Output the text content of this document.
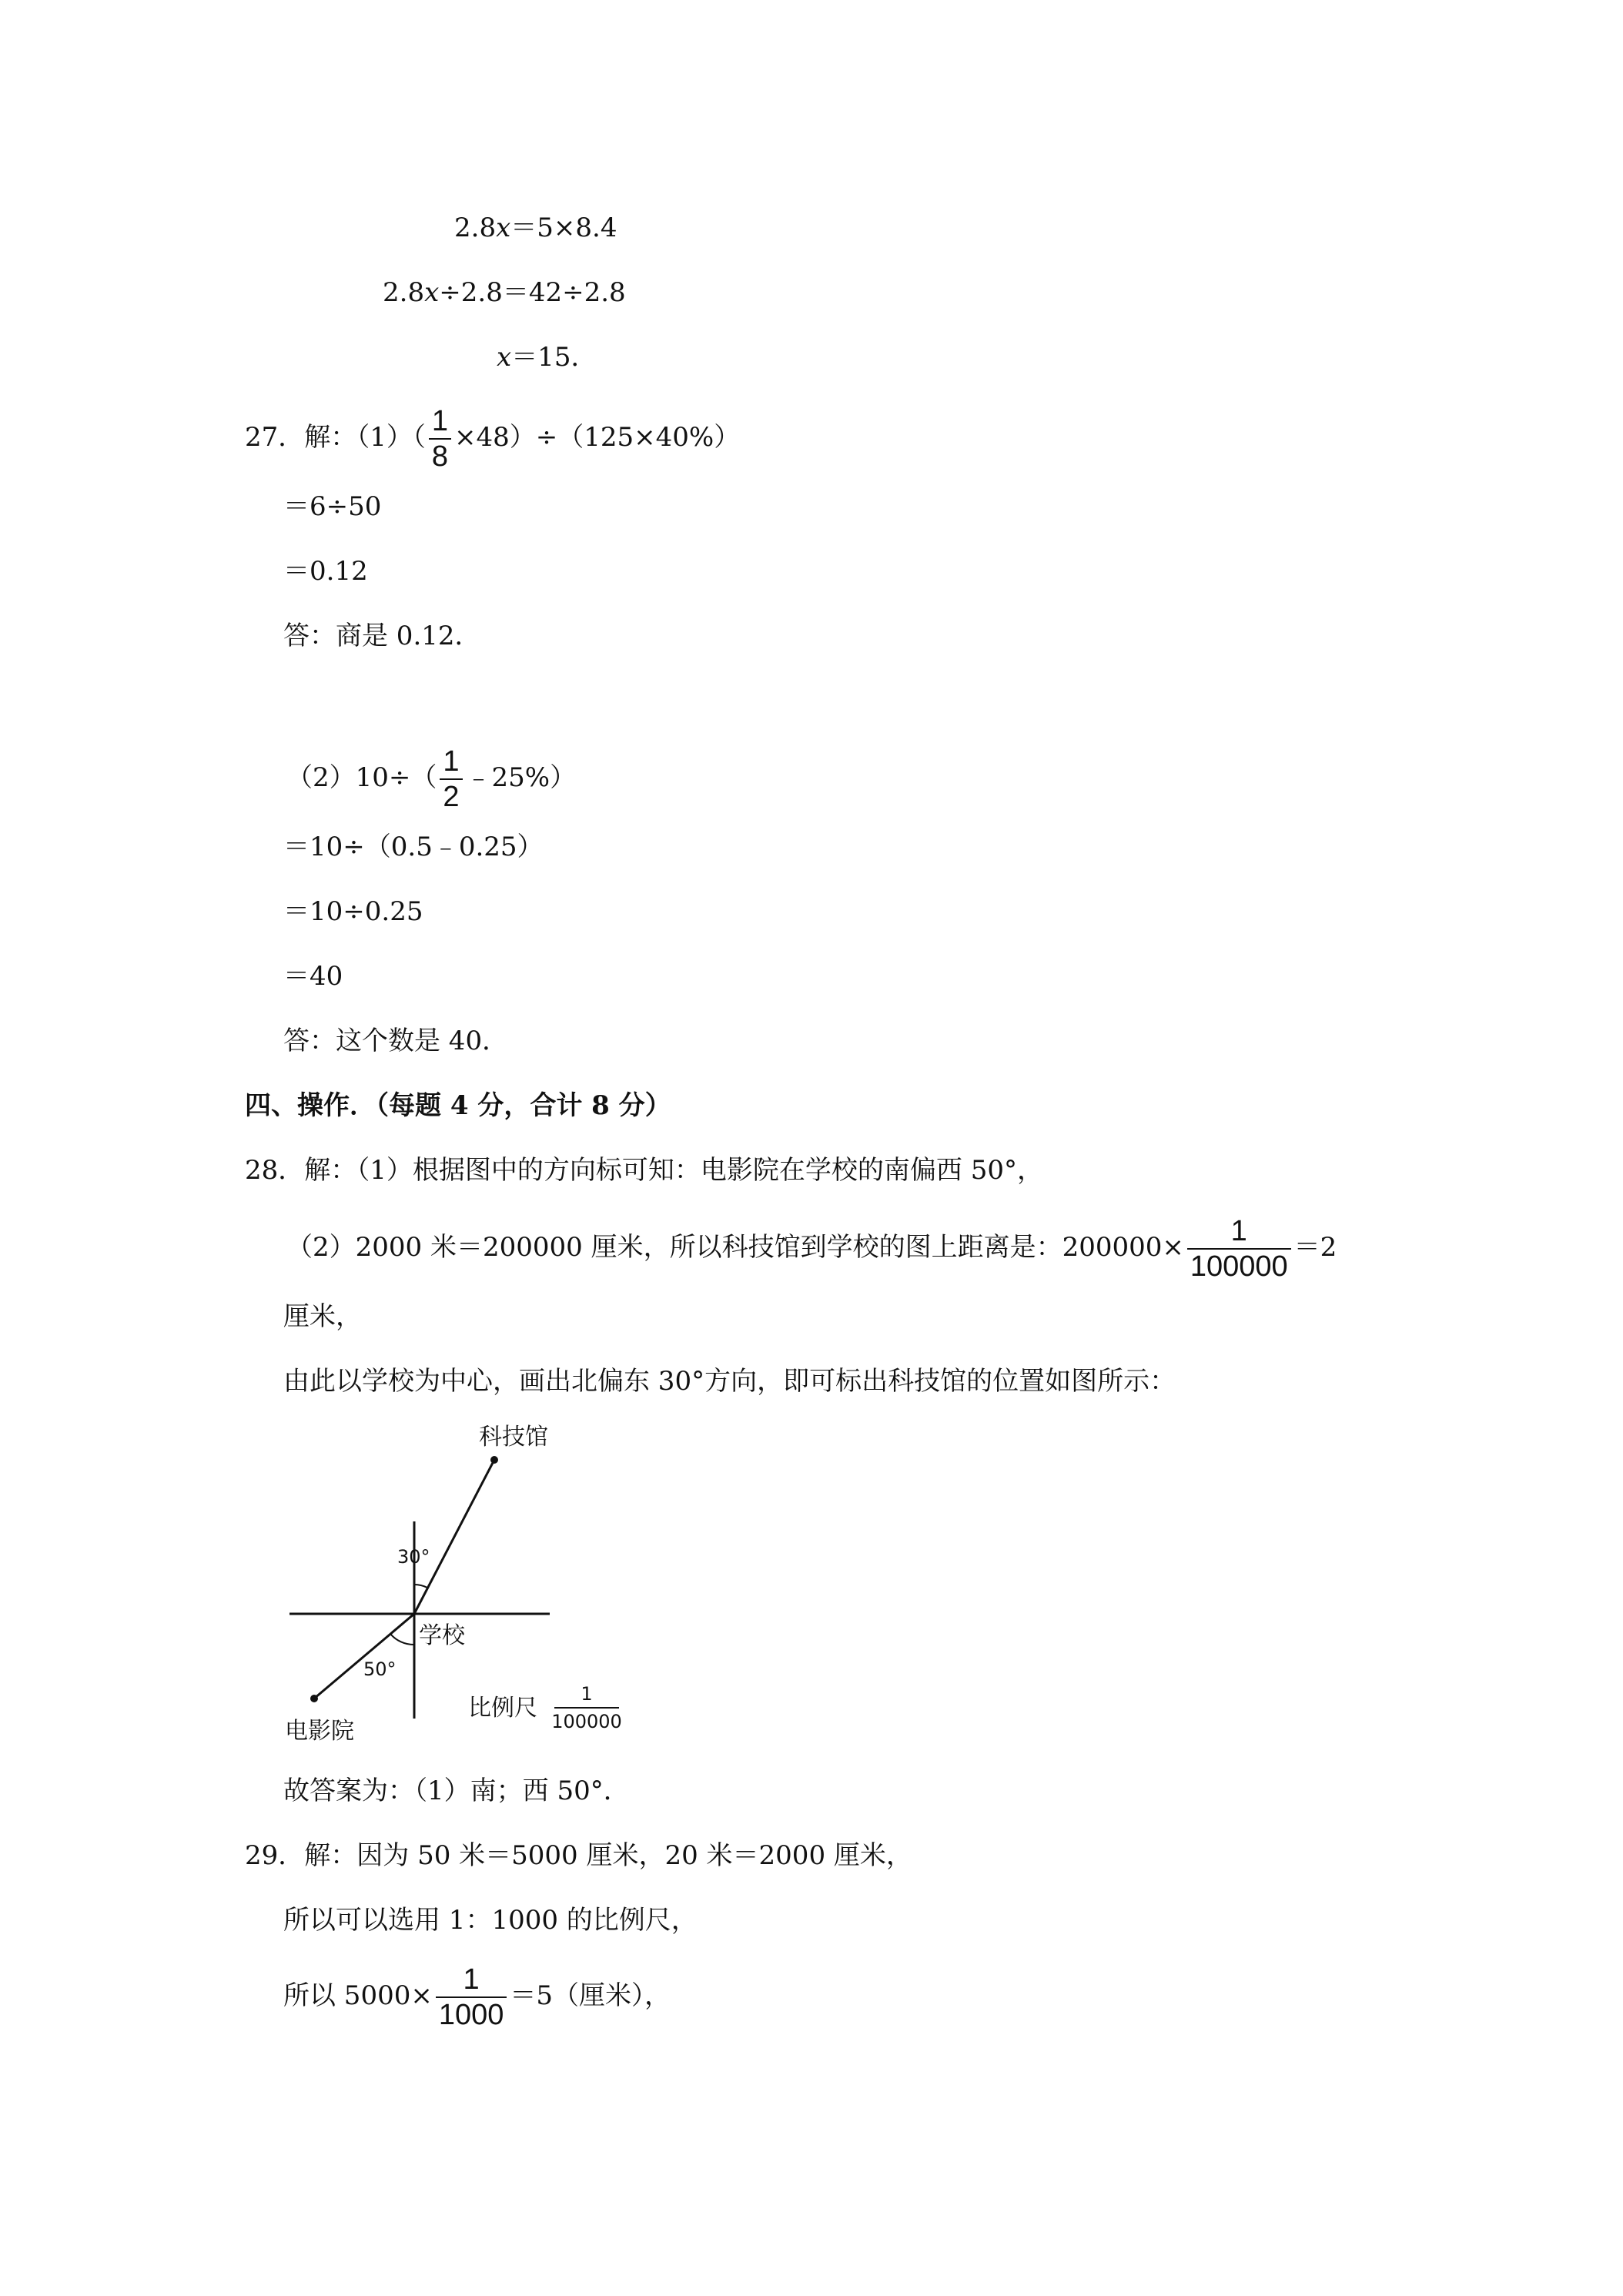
2.8x＝5×8.4
2.8x÷2.8＝42÷2.8
x＝15．
27．解：$(1)( \frac{1}{8} \times 48)\div(125\times 40\%)$
＝6÷50
＝0.12
答：商是 0.12．
$(2)10\div( \frac{1}{2}$ ﹣25%）
＝10÷（0.5﹣0.25）
＝10÷0.25
＝40
答：这个数是 40．
四、操作．（每题 4 分，合计 8 分）
28．解：（1）根据图中的方向标可知：电影院在学校的南偏西 50°，
（2）2000 米＝200000 厘米，所以科技馆到学校的图上距离是：$200000\times \frac{1}{100000} =2$
厘米，
由此以学校为中心，画出北偏东 30°方向，即可标出科技馆的位置如图所示：
科技馆
30°
学校
50°
电影院
比例尺
1
100000
故答案为：（1）南；西 50°．
29．解：因为 50 米＝5000 厘米，20 米＝2000 厘米，
所以可以选用 1：1000 的比例尺，
所以 $5000\times \frac{1}{1000} =5$（厘米），
